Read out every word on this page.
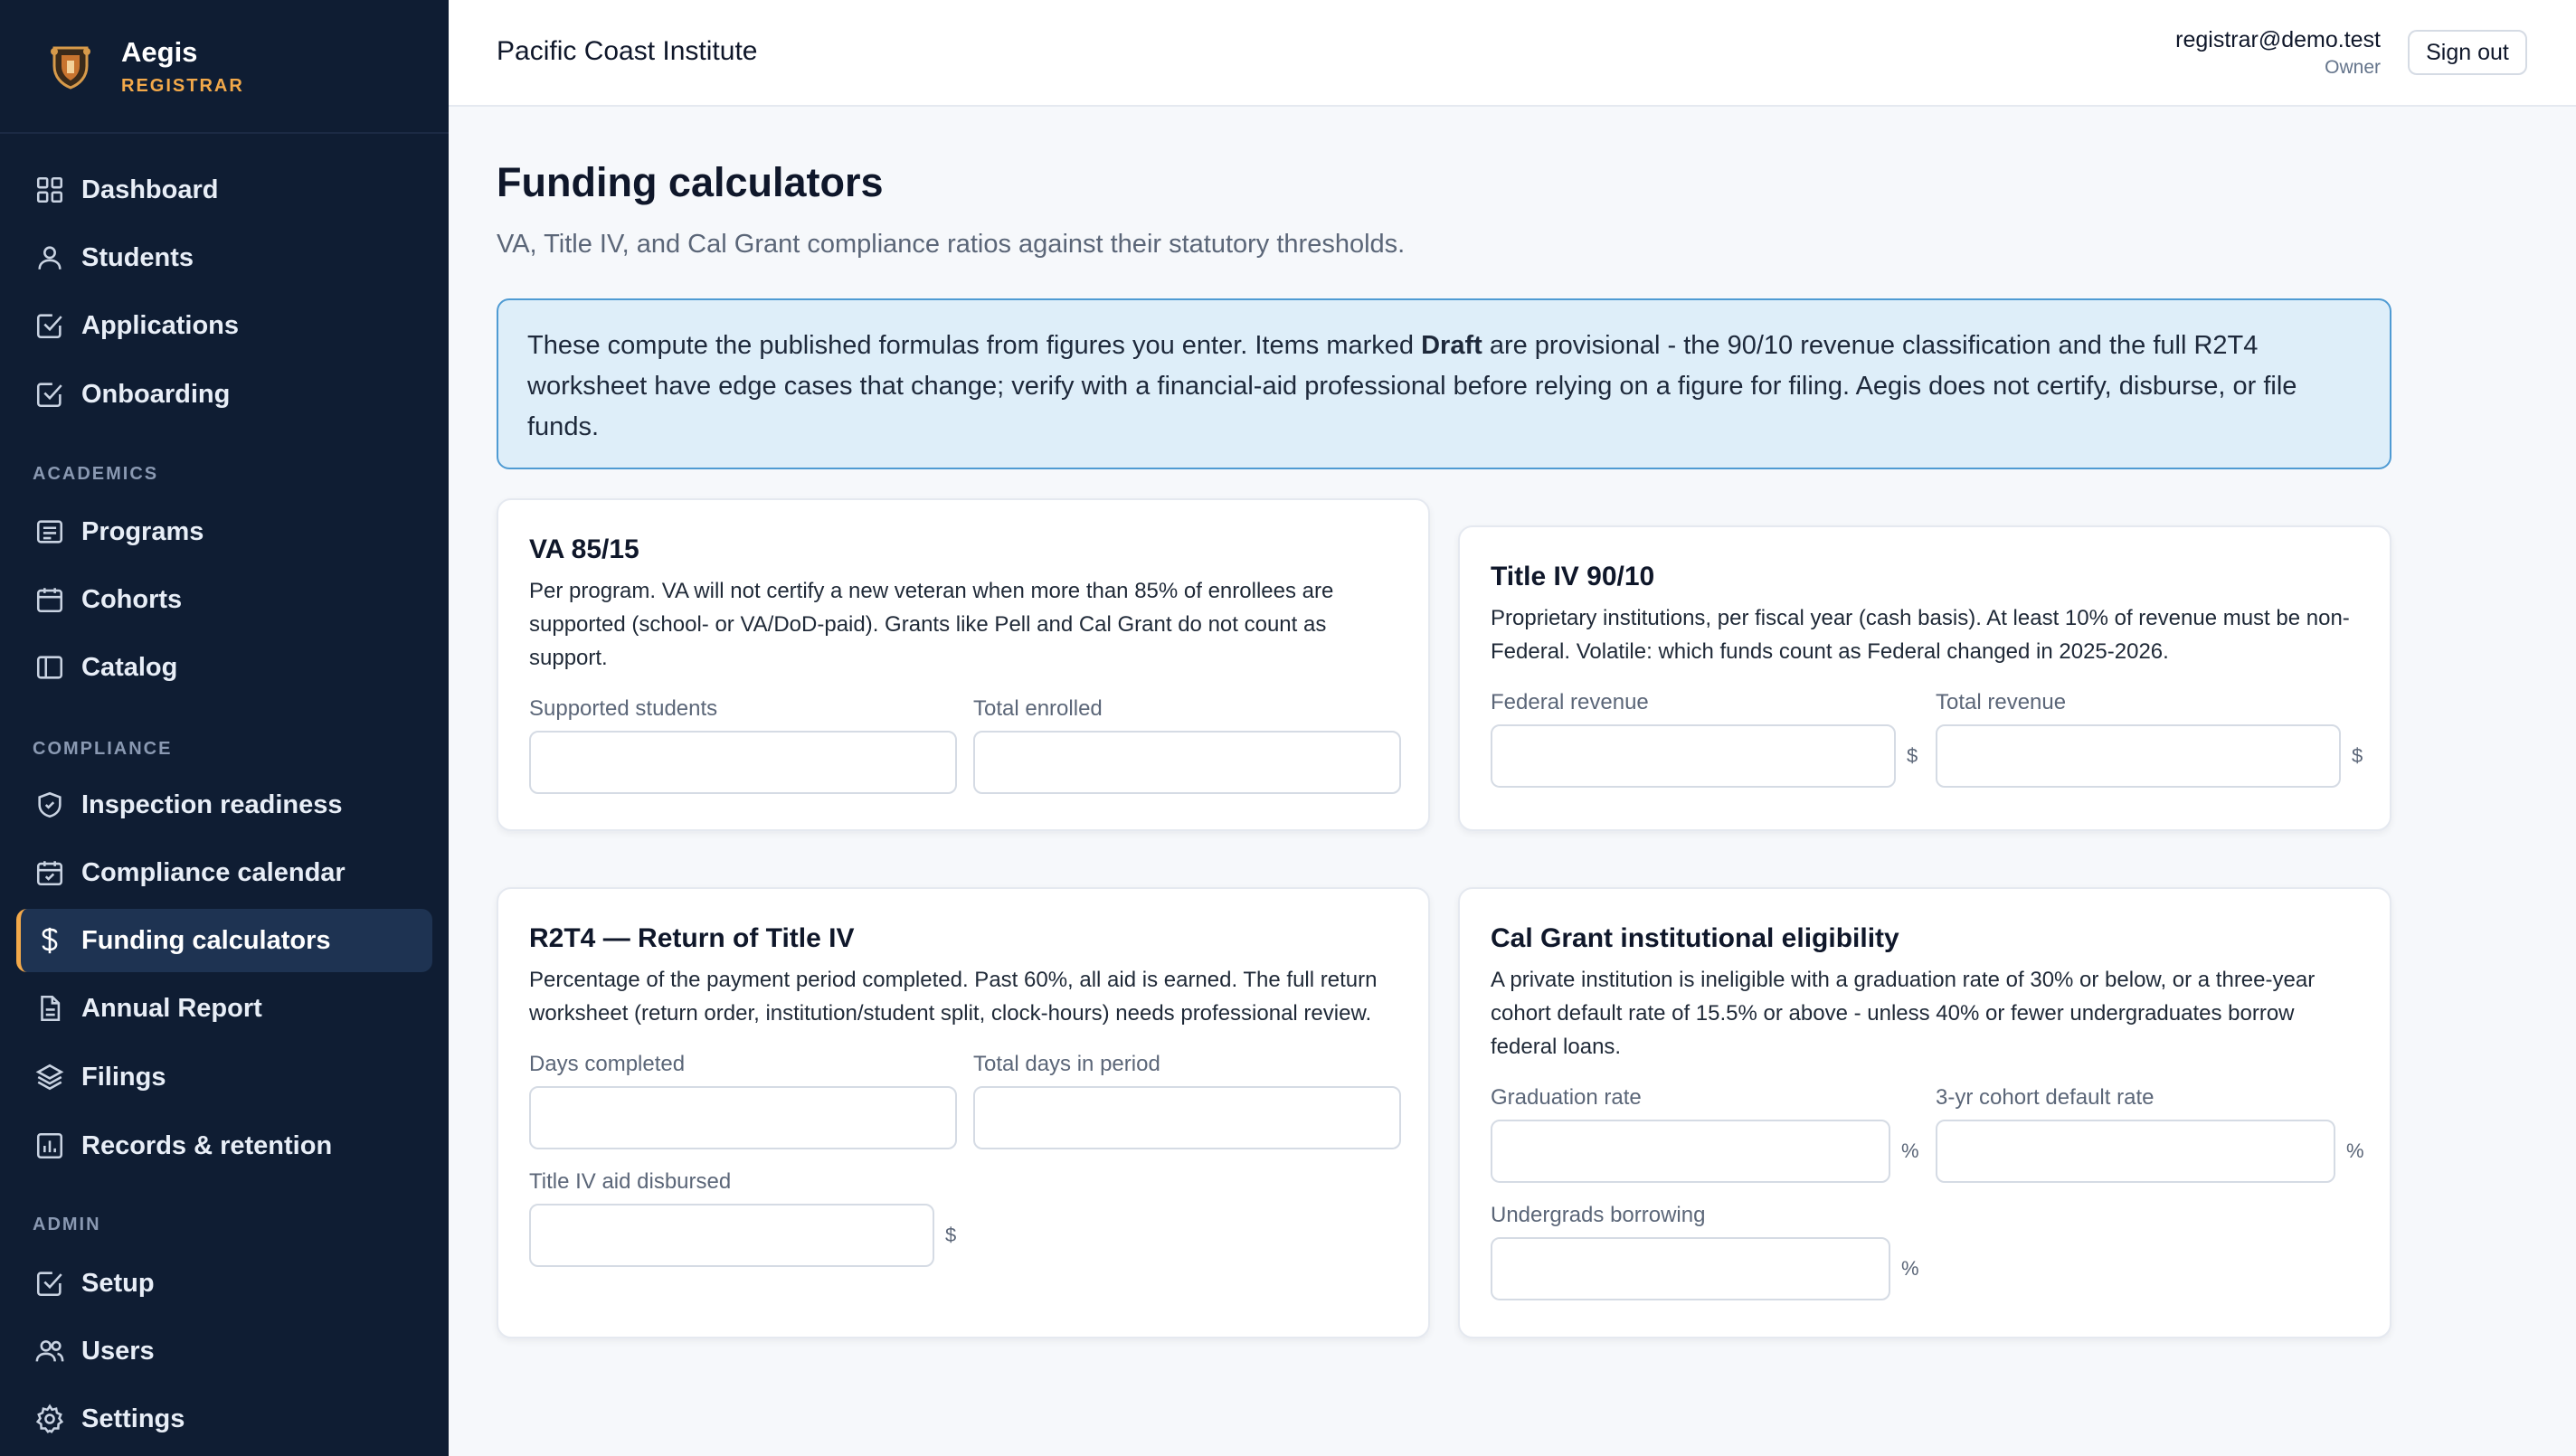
Aegis
REGISTRAR
Dashboard
Students
Applications
Onboarding
ACADEMICS
Programs
Cohorts
Catalog
COMPLIANCE
Inspection readiness
Compliance calendar
Funding calculators
Annual Report
Filings
Records & retention
ADMIN
Setup
Users
Settings
Pacific Coast Institute	registrar@demo.test
Owner
Sign out
Funding calculators

VA, Title IV, and Cal Grant compliance ratios against their statutory thresholds.

These compute the published formulas from figures you enter. Items marked Draft are provisional - the 90/10 revenue classification and the full R2T4 worksheet have edge cases that change; verify with a financial-aid professional before relying on a figure for filing. Aegis does not certify, disburse, or file funds.
VA 85/15

Per program. VA will not certify a new veteran when more than 85% of enrollees are supported (school- or VA/DoD-paid). Grants like Pell and Cal Grant do not count as support.

Supported students	Total enrolled
Title IV 90/10

Proprietary institutions, per fiscal year (cash basis). At least 10% of revenue must be non-Federal. Volatile: which funds count as Federal changed in 2025-2026.

Federal revenue
$
Total revenue
$
R2T4 — Return of Title IV

Percentage of the payment period completed. Past 60%, all aid is earned. The full return worksheet (return order, institution/student split, clock-hours) needs professional review.

Days completed	Total days in period
Title IV aid disbursed
$
Cal Grant institutional eligibility

A private institution is ineligible with a graduation rate of 30% or below, or a three-year cohort default rate of 15.5% or above - unless 40% or fewer undergraduates borrow federal loans.

Graduation rate
%
3-yr cohort default rate
%
Undergrads borrowing
%
